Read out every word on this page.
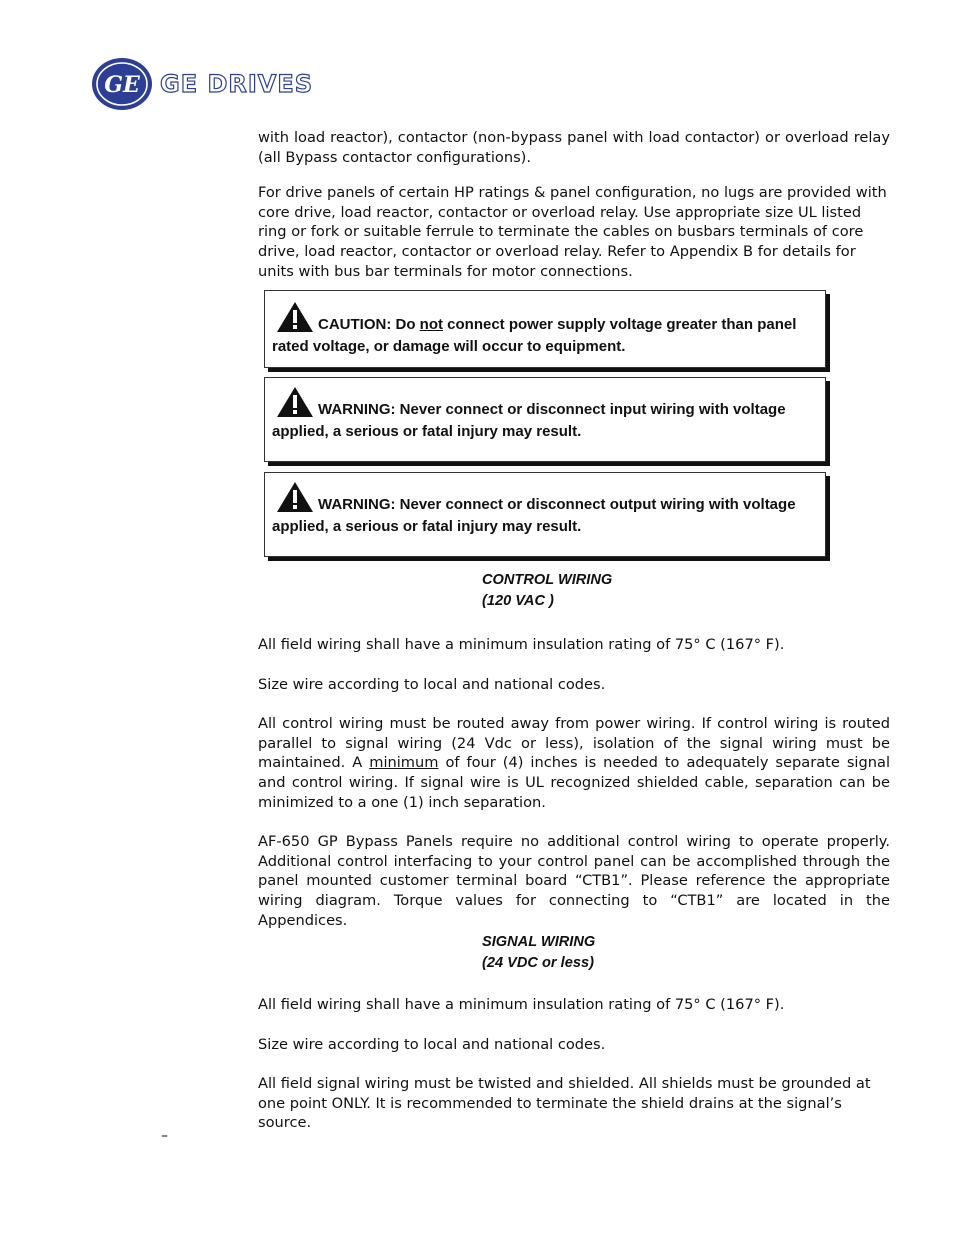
GE GE DRIVES

with load reactor), contactor (non-bypass panel with load contactor) or overload relay (all Bypass contactor configurations).

For drive panels of certain HP ratings & panel configuration, no lugs are provided with core drive, load reactor, contactor or overload relay. Use appropriate size UL listed ring or fork or suitable ferrule to terminate the cables on busbars terminals of core drive, load reactor, contactor or overload relay. Refer to Appendix B for details for units with bus bar terminals for motor connections.

CAUTION: Do not connect power supply voltage greater than panel rated voltage, or damage will occur to equipment.
WARNING: Never connect or disconnect input wiring with voltage applied, a serious or fatal injury may result.
WARNING: Never connect or disconnect output wiring with voltage applied, a serious or fatal injury may result.
CONTROL WIRING
(120 VAC )

All field wiring shall have a minimum insulation rating of 75° C (167° F).

Size wire according to local and national codes.

All control wiring must be routed away from power wiring. If control wiring is routed parallel to signal wiring (24 Vdc or less), isolation of the signal wiring must be maintained. A minimum of four (4) inches is needed to adequately separate signal and control wiring. If signal wire is UL recognized shielded cable, separation can be minimized to a one (1) inch separation.

AF-650 GP Bypass Panels require no additional control wiring to operate properly. Additional control interfacing to your control panel can be accomplished through the panel mounted customer terminal board “CTB1”. Please reference the appropriate wiring diagram. Torque values for connecting to “CTB1” are located in the Appendices.

SIGNAL WIRING
(24 VDC or less)

All field wiring shall have a minimum insulation rating of 75° C (167° F).

Size wire according to local and national codes.

All field signal wiring must be twisted and shielded. All shields must be grounded at one point ONLY. It is recommended to terminate the shield drains at the signal’s source.

–
